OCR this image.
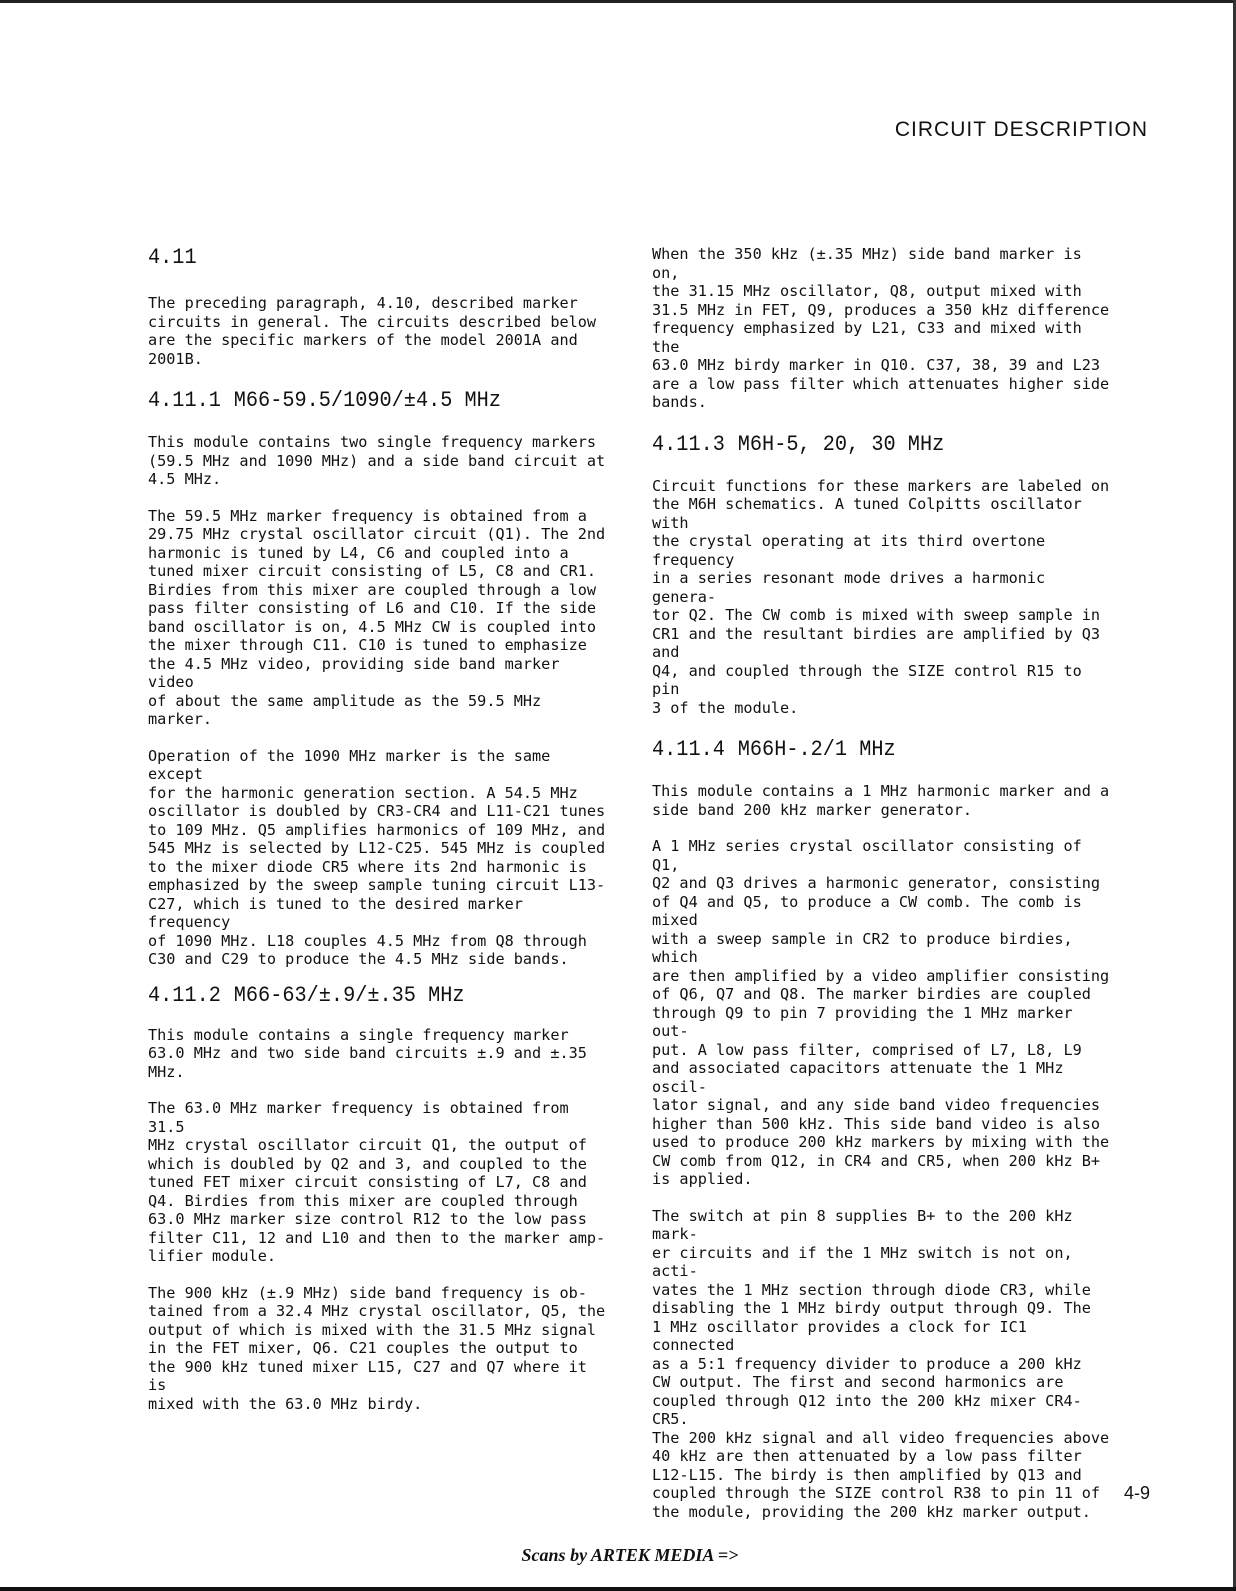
CIRCUIT DESCRIPTION
4.11
The preceding paragraph, 4.10, described marker
circuits in general. The circuits described below
are the specific markers of the model 2001A and
2001B.
4.11.1 M66-59.5/1090/±4.5 MHz
This module contains two single frequency markers
(59.5 MHz and 1090 MHz) and a side band circuit at
4.5 MHz.
The 59.5 MHz marker frequency is obtained from a
29.75 MHz crystal oscillator circuit (Q1). The 2nd
harmonic is tuned by L4, C6 and coupled into a
tuned mixer circuit consisting of L5, C8 and CR1.
Birdies from this mixer are coupled through a low
pass filter consisting of L6 and C10. If the side
band oscillator is on, 4.5 MHz CW is coupled into
the mixer through C11. C10 is tuned to emphasize
the 4.5 MHz video, providing side band marker video
of about the same amplitude as the 59.5 MHz marker.
Operation of the 1090 MHz marker is the same except
for the harmonic generation section. A 54.5 MHz
oscillator is doubled by CR3-CR4 and L11-C21 tunes
to 109 MHz. Q5 amplifies harmonics of 109 MHz, and
545 MHz is selected by L12-C25. 545 MHz is coupled
to the mixer diode CR5 where its 2nd harmonic is
emphasized by the sweep sample tuning circuit L13-
C27, which is tuned to the desired marker frequency
of 1090 MHz. L18 couples 4.5 MHz from Q8 through
C30 and C29 to produce the 4.5 MHz side bands.
4.11.2 M66-63/±.9/±.35 MHz
This module contains a single frequency marker
63.0 MHz and two side band circuits ±.9 and ±.35 MHz.
The 63.0 MHz marker frequency is obtained from 31.5
MHz crystal oscillator circuit Q1, the output of
which is doubled by Q2 and 3, and coupled to the
tuned FET mixer circuit consisting of L7, C8 and
Q4. Birdies from this mixer are coupled through
63.0 MHz marker size control R12 to the low pass
filter C11, 12 and L10 and then to the marker amp-
lifier module.
The 900 kHz (±.9 MHz) side band frequency is ob-
tained from a 32.4 MHz crystal oscillator, Q5, the
output of which is mixed with the 31.5 MHz signal
in the FET mixer, Q6. C21 couples the output to
the 900 kHz tuned mixer L15, C27 and Q7 where it is
mixed with the 63.0 MHz birdy.
When the 350 kHz (±.35 MHz) side band marker is on,
the 31.15 MHz oscillator, Q8, output mixed with
31.5 MHz in FET, Q9, produces a 350 kHz difference
frequency emphasized by L21, C33 and mixed with the
63.0 MHz birdy marker in Q10. C37, 38, 39 and L23
are a low pass filter which attenuates higher side
bands.
4.11.3 M6H-5, 20, 30 MHz
Circuit functions for these markers are labeled on
the M6H schematics. A tuned Colpitts oscillator with
the crystal operating at its third overtone frequency
in a series resonant mode drives a harmonic genera-
tor Q2. The CW comb is mixed with sweep sample in
CR1 and the resultant birdies are amplified by Q3 and
Q4, and coupled through the SIZE control R15 to pin
3 of the module.
4.11.4 M66H-.2/1 MHz
This module contains a 1 MHz harmonic marker and a
side band 200 kHz marker generator.
A 1 MHz series crystal oscillator consisting of Q1,
Q2 and Q3 drives a harmonic generator, consisting
of Q4 and Q5, to produce a CW comb. The comb is mixed
with a sweep sample in CR2 to produce birdies, which
are then amplified by a video amplifier consisting
of Q6, Q7 and Q8. The marker birdies are coupled
through Q9 to pin 7 providing the 1 MHz marker out-
put. A low pass filter, comprised of L7, L8, L9
and associated capacitors attenuate the 1 MHz oscil-
lator signal, and any side band video frequencies
higher than 500 kHz. This side band video is also
used to produce 200 kHz markers by mixing with the
CW comb from Q12, in CR4 and CR5, when 200 kHz B+
is applied.
The switch at pin 8 supplies B+ to the 200 kHz mark-
er circuits and if the 1 MHz switch is not on, acti-
vates the 1 MHz section through diode CR3, while
disabling the 1 MHz birdy output through Q9. The
1 MHz oscillator provides a clock for IC1 connected
as a 5:1 frequency divider to produce a 200 kHz
CW output. The first and second harmonics are
coupled through Q12 into the 200 kHz mixer CR4-CR5.
The 200 kHz signal and all video frequencies above
40 kHz are then attenuated by a low pass filter
L12-L15. The birdy is then amplified by Q13 and
coupled through the SIZE control R38 to pin 11 of
the module, providing the 200 kHz marker output.
4-9
Scans by ARTEK MEDIA =>
